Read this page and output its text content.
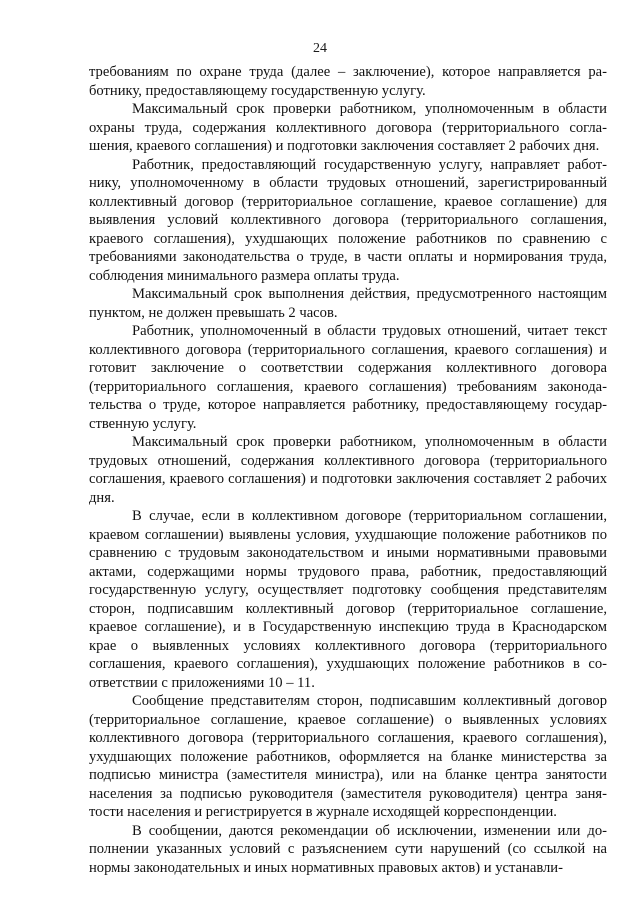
24

требованиям по охране труда (далее – заключение), которое направляется работнику, предоставляющему государственную услугу.

Максимальный срок проверки работником, уполномоченным в области охраны труда, содержания коллективного договора (территориального соглашения, краевого соглашения) и подготовки заключения составляет 2 рабочих дня.

Работник, предоставляющий государственную услугу, направляет работнику, уполномоченному в области трудовых отношений, зарегистрированный коллективный договор (территориальное соглашение, краевое соглашение) для выявления условий коллективного договора (территориального соглашения, краевого соглашения), ухудшающих положение работников по сравнению с требованиями законодательства о труде, в части оплаты и нормирования труда, соблюдения минимального размера оплаты труда.

Максимальный срок выполнения действия, предусмотренного настоящим пунктом, не должен превышать 2 часов.

Работник, уполномоченный в области трудовых отношений, читает текст коллективного договора (территориального соглашения, краевого соглашения) и готовит заключение о соответствии содержания коллективного договора (территориального соглашения, краевого соглашения) требованиям законодательства о труде, которое направляется работнику, предоставляющему государственную услугу.

Максимальный срок проверки работником, уполномоченным в области трудовых отношений, содержания коллективного договора (территориального соглашения, краевого соглашения) и подготовки заключения составляет 2 рабочих дня.

В случае, если в коллективном договоре (территориальном соглашении, краевом соглашении) выявлены условия, ухудшающие положение работников по сравнению с трудовым законодательством и иными нормативными правовыми актами, содержащими нормы трудового права, работник, предоставляющий государственную услугу, осуществляет подготовку сообщения представителям сторон, подписавшим коллективный договор (территориальное соглашение, краевое соглашение), и в Государственную инспекцию труда в Краснодарском крае о выявленных условиях коллективного договора (территориального соглашения, краевого соглашения), ухудшающих положение работников в соответствии с приложениями 10 – 11.

Сообщение представителям сторон, подписавшим коллективный договор (территориальное соглашение, краевое соглашение) о выявленных условиях коллективного договора (территориального соглашения, краевого соглашения), ухудшающих положение работников, оформляется на бланке министерства за подписью министра (заместителя министра), или на бланке центра занятости населения за подписью руководителя (заместителя руководителя) центра занятости населения и регистрируется в журнале исходящей корреспонденции.

В сообщении, даются рекомендации об исключении, изменении или дополнении указанных условий с разъяснением сути нарушений (со ссылкой на нормы законодательных и иных нормативных правовых актов) и устанавли-
